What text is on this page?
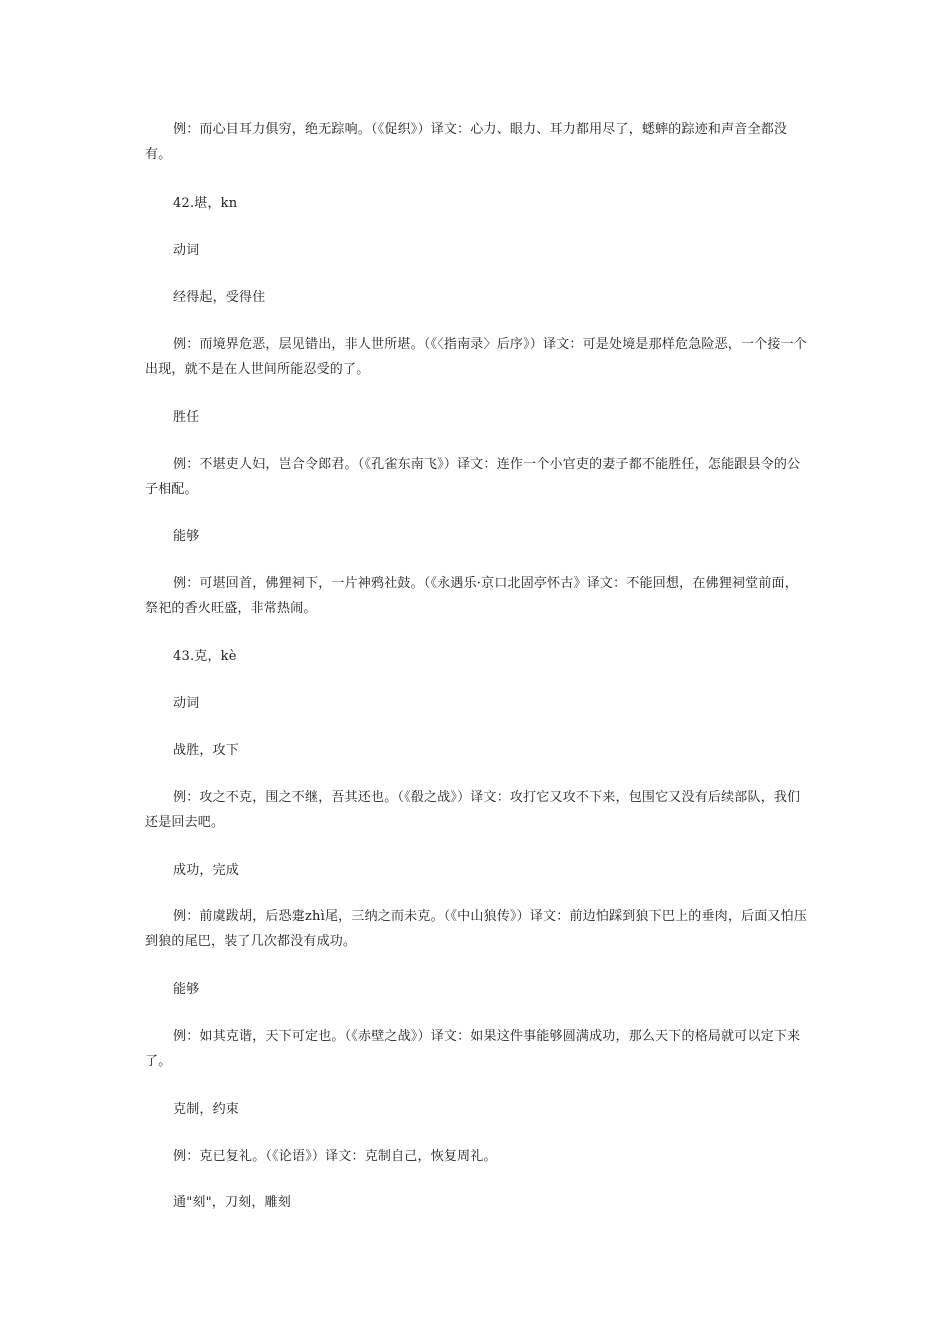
例：而心目耳力俱穷，绝无踪响。（《促织》）译文：心力、眼力、耳力都用尽了，蟋蟀的踪迹和声音全都没有。

42.堪，kn

动词

经得起，受得住

例：而境界危恶，层见错出，非人世所堪。（《〈指南录〉后序》）译文：可是处境是那样危急险恶，一个接一个出现，就不是在人世间所能忍受的了。

胜任

例：不堪吏人妇，岂合令郎君。（《孔雀东南飞》）译文：连作一个小官吏的妻子都不能胜任，怎能跟县令的公子相配。

能够

例：可堪回首，佛狸祠下，一片神鸦社鼓。（《永遇乐·京口北固亭怀古》译文：不能回想，在佛狸祠堂前面，祭祀的香火旺盛，非常热闹。

43.克，kè

动词

战胜，攻下

例：攻之不克，围之不继，吾其还也。（《殽之战》）译文：攻打它又攻不下来，包围它又没有后续部队，我们还是回去吧。

成功，完成

例：前虞跋胡，后恐疐zhì尾，三纳之而未克。（《中山狼传》）译文：前边怕踩到狼下巴上的垂肉，后面又怕压到狼的尾巴，装了几次都没有成功。

能够

例：如其克谐，天下可定也。（《赤壁之战》）译文：如果这件事能够圆满成功，那么天下的格局就可以定下来了。

克制，约束

例：克已复礼。（《论语》）译文：克制自己，恢复周礼。

通"刻"，刀刻，雕刻
